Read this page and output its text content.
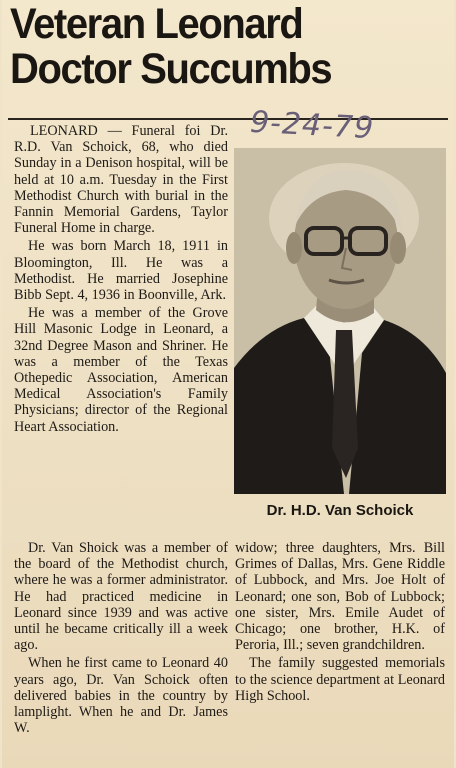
Veteran Leonard
Doctor Succumbs
9-24-79

LEONARD — Funeral foi Dr. R.D. Van Schoick, 68, who died Sunday in a Denison hospital, will be held at 10 a.m. Tuesday in the First Methodist Church with burial in the Fannin Memorial Gardens, Taylor Funeral Home in charge.

He was born March 18, 1911 in Bloomington, Ill. He was a Methodist. He married Josephine Bibb Sept. 4, 1936 in Boonville, Ark.

He was a member of the Grove Hill Masonic Lodge in Leonard, a 32nd Degree Mason and Shriner. He was a member of the Texas Othepedic Association, American Medical Association's Family Physicians; director of the Regional Heart Association.

Dr. H.D. Van Schoick

Dr. Van Shoick was a member of the board of the Methodist church, where he was a former administrator. He had practiced medicine in Leonard since 1939 and was active until he became critically ill a week ago.

When he first came to Leonard 40 years ago, Dr. Van Schoick often delivered babies in the country by lamplight. When he and Dr. James W.

widow; three daughters, Mrs. Bill Grimes of Dallas, Mrs. Gene Riddle of Lubbock, and Mrs. Joe Holt of Leonard; one son, Bob of Lubbock; one sister, Mrs. Emile Audet of Chicago; one brother, H.K. of Peroria, Ill.; seven grandchildren.

The family suggested memorials to the science department at Leonard High School.
